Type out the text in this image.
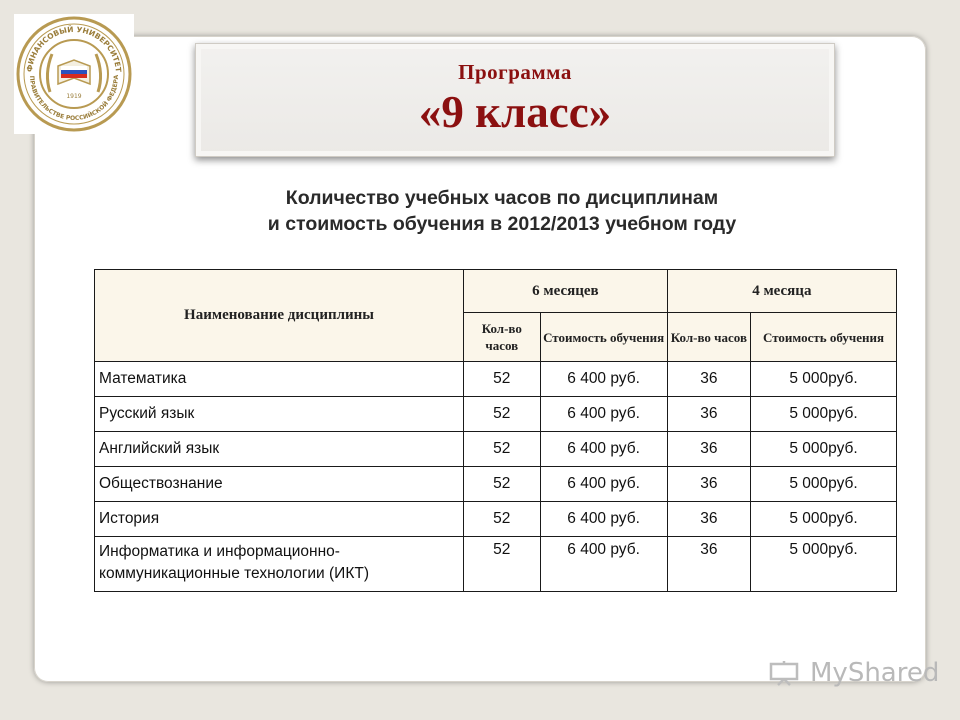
ФИНАНСОВЫЙ УНИВЕРСИТЕТ
ПРАВИТЕЛЬСТВЕ РОССИЙСКОЙ ФЕДЕРА
1919
Программа
«9 класс»
Количество учебных часов по дисциплинам
и стоимость обучения в 2012/2013 учебном году
Наименование дисциплины	6 месяцев		4 месяца	
	Кол-во часов	Стоимость обучения	Кол-во часов	Стоимость обучения
Математика	52	6 400 руб.	36	5 000руб.
Русский язык	52	6 400 руб.	36	5 000руб.
Английский язык	52	6 400 руб.	36	5 000руб.
Обществознание	52	6 400 руб.	36	5 000руб.
История	52	6 400 руб.	36	5 000руб.
Информатика и информационно-коммуникационные технологии (ИКТ)	52	6 400 руб.	36	5 000руб.
MyShared
